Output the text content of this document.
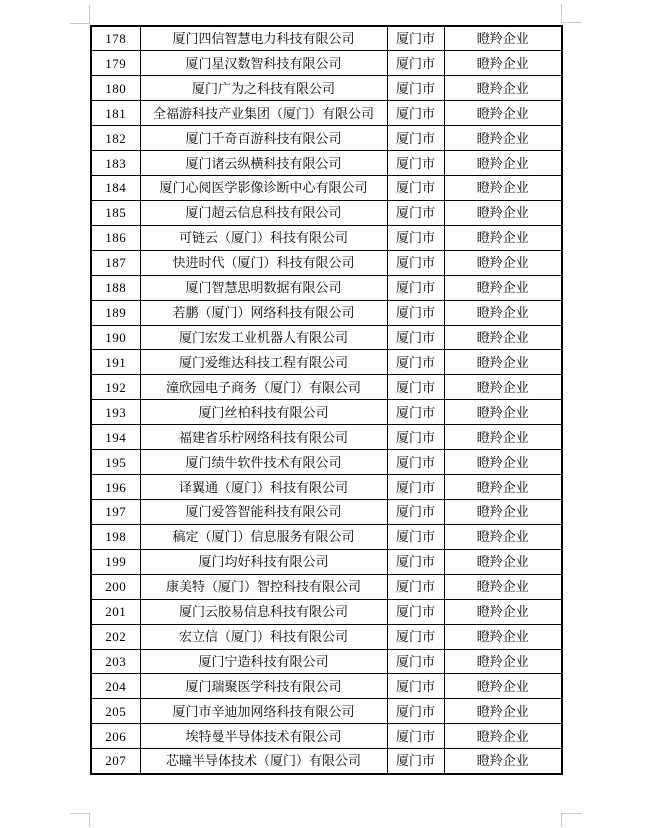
178	厦门四信智慧电力科技有限公司	厦门市	瞪羚企业
179	厦门星汉数智科技有限公司	厦门市	瞪羚企业
180	厦门广为之科技有限公司	厦门市	瞪羚企业
181	全福游科技产业集团（厦门）有限公司	厦门市	瞪羚企业
182	厦门千奇百游科技有限公司	厦门市	瞪羚企业
183	厦门诸云纵横科技有限公司	厦门市	瞪羚企业
184	厦门心阅医学影像诊断中心有限公司	厦门市	瞪羚企业
185	厦门超云信息科技有限公司	厦门市	瞪羚企业
186	可链云（厦门）科技有限公司	厦门市	瞪羚企业
187	快进时代（厦门）科技有限公司	厦门市	瞪羚企业
188	厦门智慧思明数据有限公司	厦门市	瞪羚企业
189	若鹏（厦门）网络科技有限公司	厦门市	瞪羚企业
190	厦门宏发工业机器人有限公司	厦门市	瞪羚企业
191	厦门爱维达科技工程有限公司	厦门市	瞪羚企业
192	潼欣园电子商务（厦门）有限公司	厦门市	瞪羚企业
193	厦门丝柏科技有限公司	厦门市	瞪羚企业
194	福建省乐柠网络科技有限公司	厦门市	瞪羚企业
195	厦门绩牛软件技术有限公司	厦门市	瞪羚企业
196	译翼通（厦门）科技有限公司	厦门市	瞪羚企业
197	厦门爱答智能科技有限公司	厦门市	瞪羚企业
198	稿定（厦门）信息服务有限公司	厦门市	瞪羚企业
199	厦门均好科技有限公司	厦门市	瞪羚企业
200	康美特（厦门）智控科技有限公司	厦门市	瞪羚企业
201	厦门云胶易信息科技有限公司	厦门市	瞪羚企业
202	宏立信（厦门）科技有限公司	厦门市	瞪羚企业
203	厦门宁造科技有限公司	厦门市	瞪羚企业
204	厦门瑞聚医学科技有限公司	厦门市	瞪羚企业
205	厦门市辛迪加网络科技有限公司	厦门市	瞪羚企业
206	埃特曼半导体技术有限公司	厦门市	瞪羚企业
207	芯瞳半导体技术（厦门）有限公司	厦门市	瞪羚企业
